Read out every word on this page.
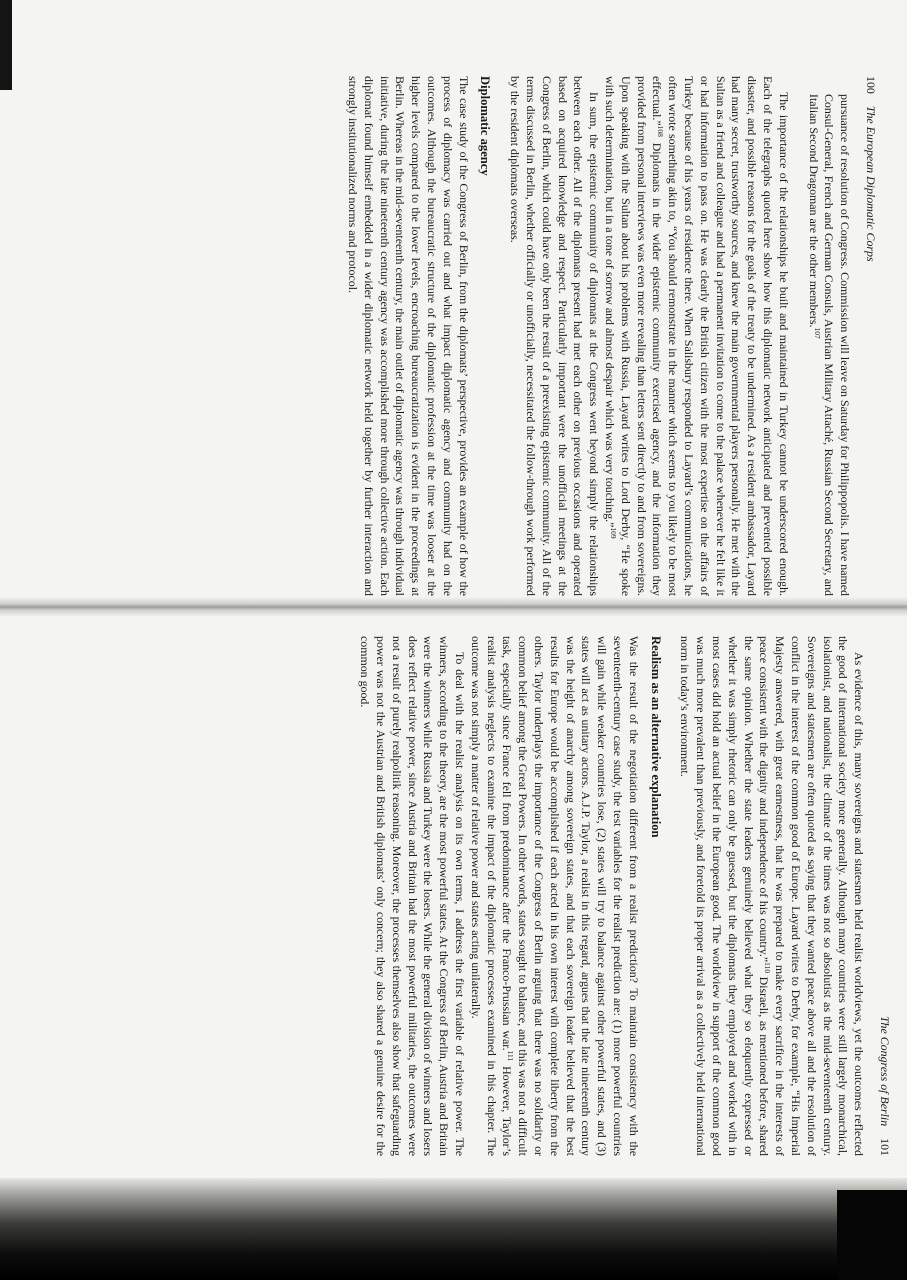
100
The European Diplomatic Corps

pursuance of resolution of Congress. Commission will leave on Saturday for Philippopolis. I have named Consul-General, French and German Consuls, Austrian Military Attaché, Russian Second Secretary, and Italian Second Dragoman are the other members.$^{107}$

The importance of the relationships he built and maintained in Turkey cannot be underscored enough. Each of the telegraphs quoted here show how this diplomatic network anticipated and prevented possible disaster, and possible reasons for the goals of the treaty to be undermined. As a resident ambassador, Layard had many secret, trustworthy sources, and knew the main governmental players personally. He met with the Sultan as a friend and colleague and had a permanent invitation to come to the palace whenever he felt like it or had information to pass on. He was clearly the British citizen with the most expertise on the affairs of Turkey because of his years of residence there. When Salisbury responded to Layard’s communications, he often wrote something akin to, “You should remonstrate in the manner which seems to you likely to be most effectual.”$^{108}$ Diplomats in the wider epistemic community exercised agency, and the information they provided from personal interviews was even more revealing than letters sent directly to and from sovereigns. Upon speaking with the Sultan about his problems with Russia, Layard writes to Lord Derby, “He spoke with such determination, but in a tone of sorrow and almost despair which was very touching.”$^{109}$

In sum, the epistemic community of diplomats at the Congress went beyond simply the relationships between each other. All of the diplomats present had met each other on previous occasions and operated based on acquired knowledge and respect. Particularly important were the unofficial meetings at the Congress of Berlin, which could have only been the result of a preexisting epistemic community. All of the terms discussed in Berlin, whether officially or unofficially, necessitated the follow-through work performed by the resident diplomats overseas.

Diplomatic agency

The case study of the Congress of Berlin, from the diplomats’ perspective, provides an example of how the process of diplomacy was carried out and what impact diplomatic agency and community had on the outcomes. Although the bureaucratic structure of the diplomatic profession at the time was looser at the higher levels compared to the lower levels, encroaching bureaucratization is evident in the proceedings at Berlin. Whereas in the mid-seventeenth century, the main outlet of diplomatic agency was through individual initiative, during the late nineteenth century agency was accomplished more through collective action. Each diplomat found himself embedded in a wider diplomatic network held together by further interaction and strongly institutionalized norms and protocol.

The Congress of Berlin
101

As evidence of this, many sovereigns and statesmen held realist worldviews, yet the outcomes reflected the good of international society more generally. Although many countries were still largely monarchical, isolationist, and nationalist, the climate of the times was not so absolutist as the mid-seventeenth century. Sovereigns and statesmen are often quoted as saying that they wanted peace above all and the resolution of conflict in the interest of the common good of Europe. Layard writes to Derby, for example, “His Imperial Majesty answered, with great earnestness, that he was prepared to make every sacrifice in the interests of peace consistent with the dignity and independence of his country.”$^{110}$ Disraeli, as mentioned before, shared the same opinion. Whether the state leaders genuinely believed what they so eloquently expressed or whether it was simply rhetoric can only be guessed, but the diplomats they employed and worked with in most cases did hold an actual belief in the European good. The worldview in support of the common good was much more prevalent than previously, and foretold its proper arrival as a collectively held international norm in today’s environment.

Realism as an alternative explanation

Was the result of the negotiation different from a realist prediction? To maintain consistency with the seventeenth-century case study, the test variables for the realist prediction are: (1) more powerful countries will gain while weaker countries lose, (2) states will try to balance against other powerful states, and (3) states will act as unitary actors. A.J.P. Taylor, a realist in this regard, argues that the late nineteenth century was the height of anarchy among sovereign states, and that each sovereign leader believed that the best results for Europe would be accomplished if each acted in his own interest with complete liberty from the others. Taylor underplays the importance of the Congress of Berlin arguing that there was no solidarity or common belief among the Great Powers. In other words, states sought to balance, and this was not a difficult task, especially since France fell from predominance after the Franco-Prussian war.$^{111}$ However, Taylor’s realist analysis neglects to examine the impact of the diplomatic processes examined in this chapter. The outcome was not simply a matter of relative power and states acting unilaterally.

To deal with the realist analysis on its own terms, I address the first variable of relative power. The winners, according to the theory, are the most powerful states. At the Congress of Berlin, Austria and Britain were the winners while Russia and Turkey were the losers. While the general division of winners and losers does reflect relative power, since Austria and Britain had the most powerful militaries, the outcomes were not a result of purely realpolitik reasoning. Moreover, the processes themselves also show that safeguarding power was not the Austrian and British diplomats’ only concern; they also shared a genuine desire for the common good.
